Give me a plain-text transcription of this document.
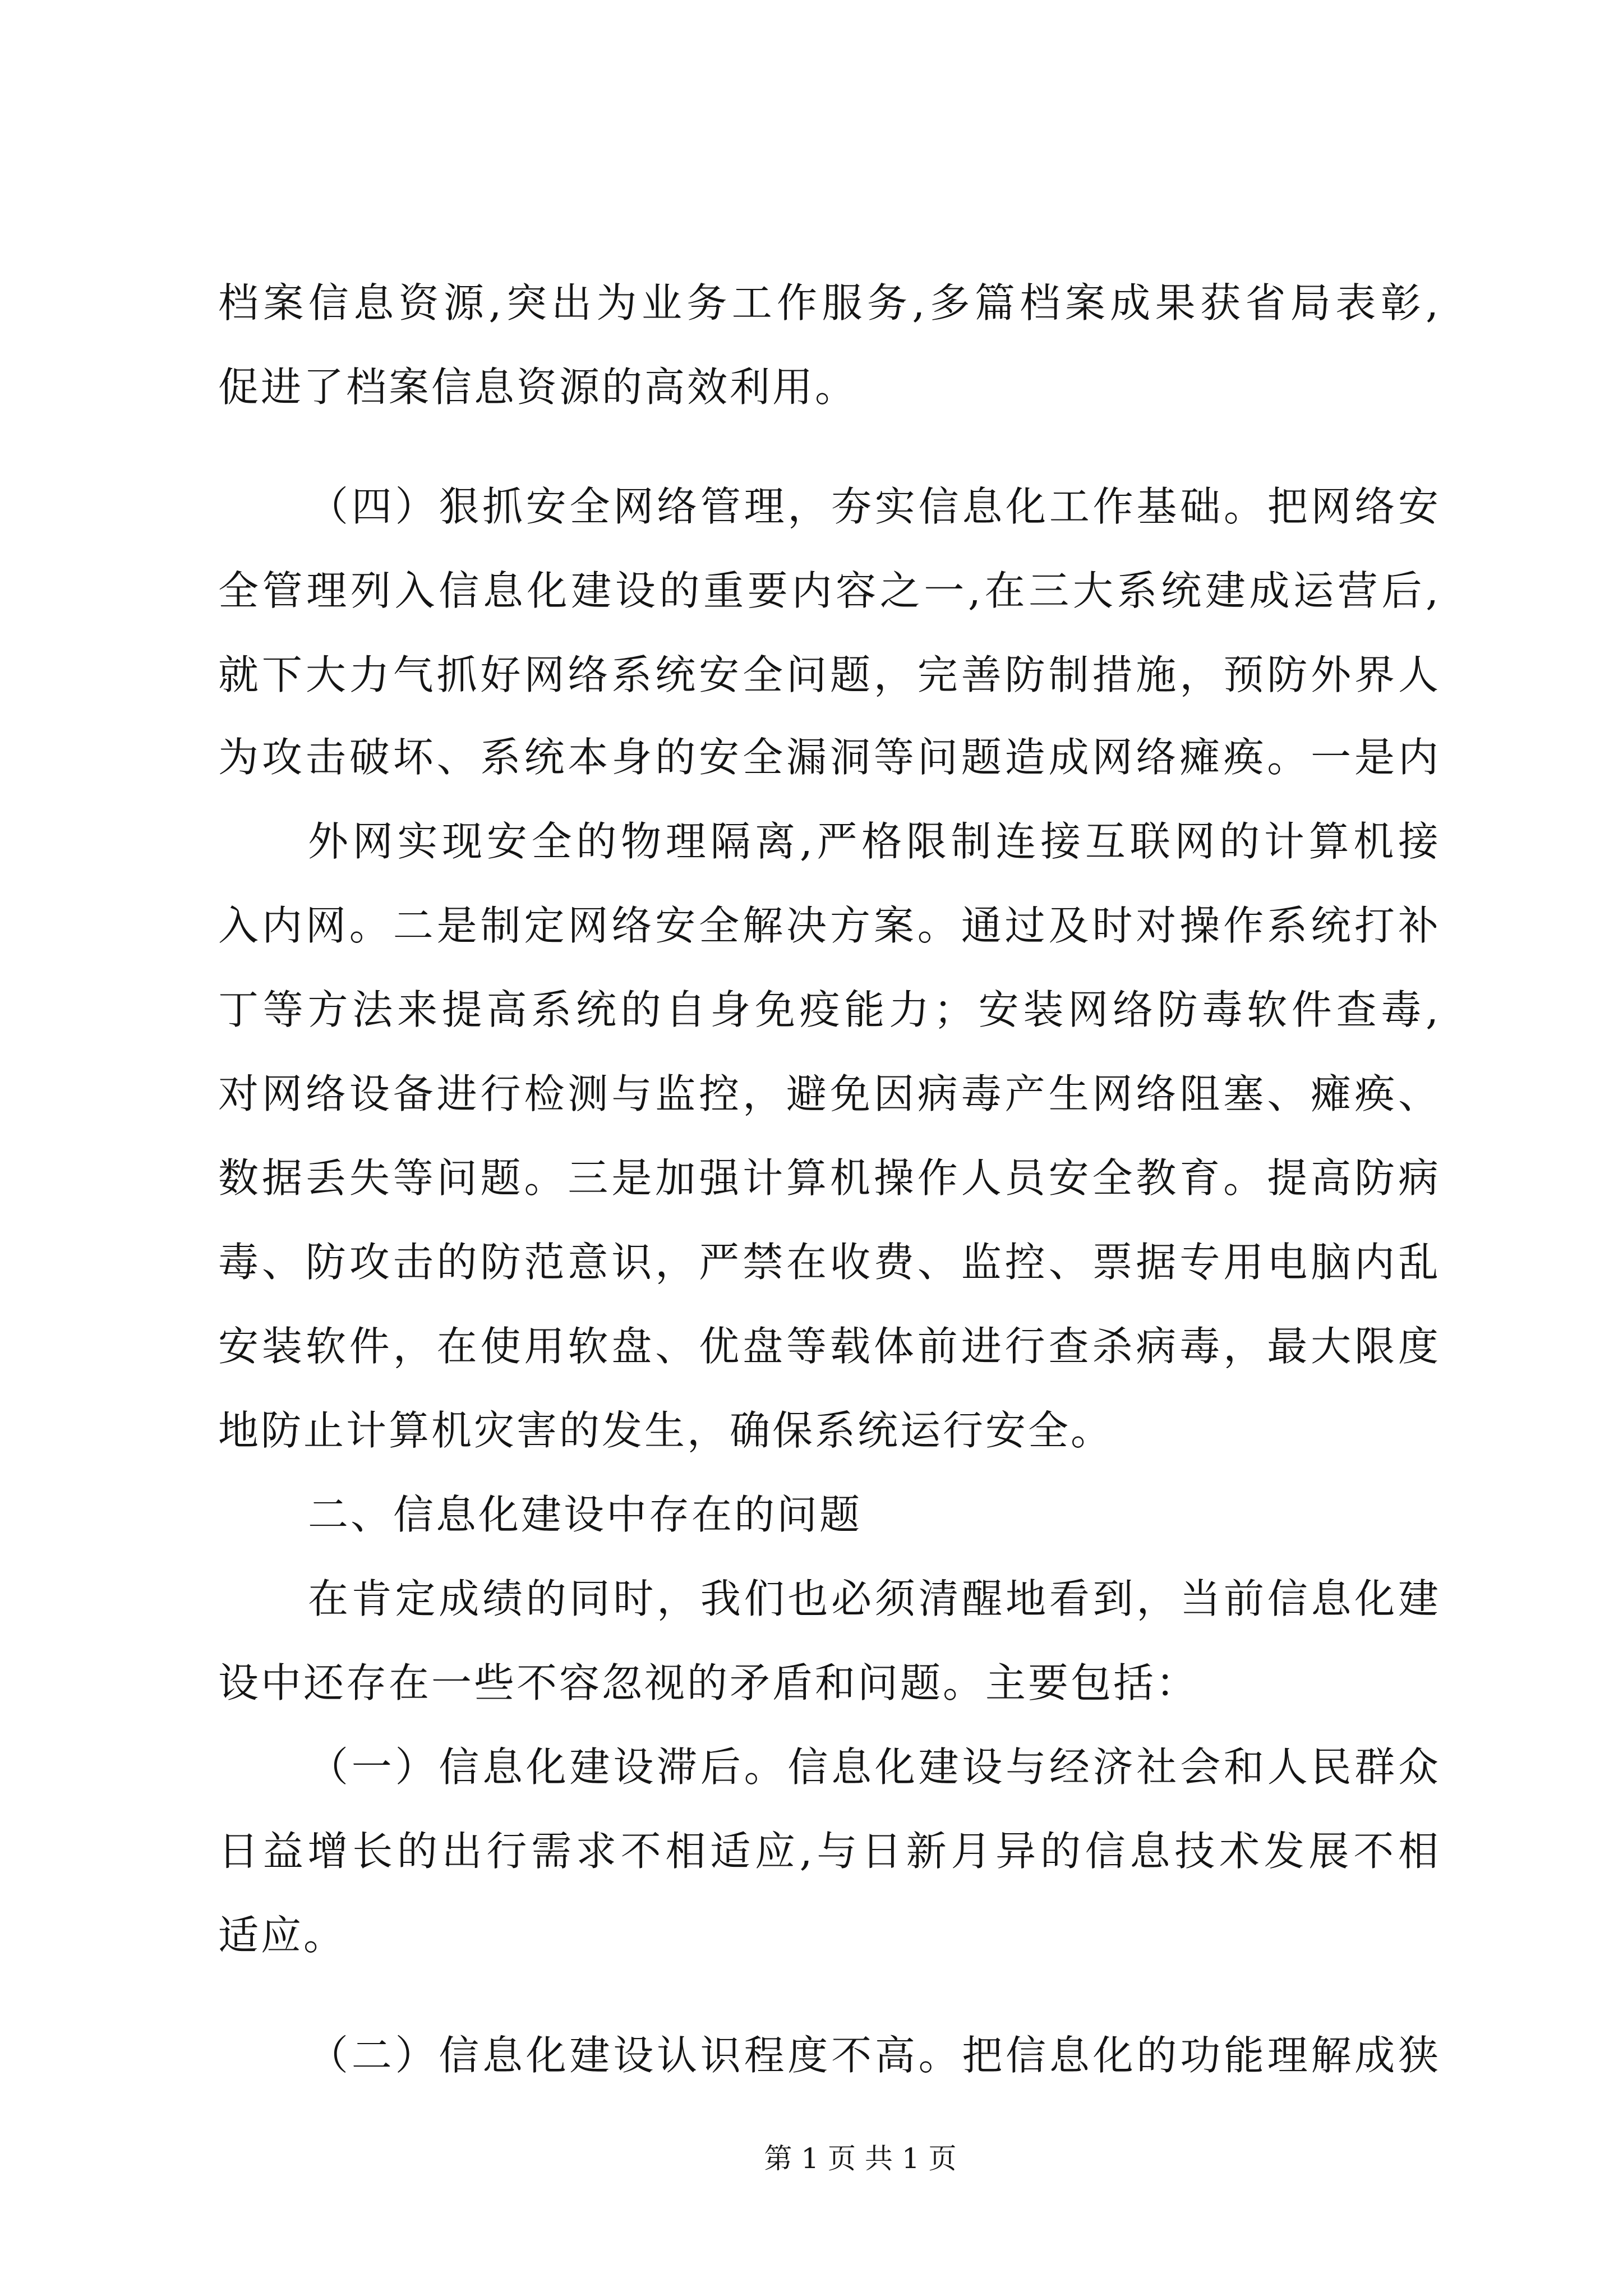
档案信息资源,突出为业务工作服务,多篇档案成果获省局表彰,
促进了档案信息资源的高效利用。
（四）狠抓安全网络管理，夯实信息化工作基础。把网络安
全管理列入信息化建设的重要内容之一,在三大系统建成运营后,
就下大力气抓好网络系统安全问题，完善防制措施，预防外界人
为攻击破坏、系统本身的安全漏洞等问题造成网络瘫痪。一是内
外网实现安全的物理隔离,严格限制连接互联网的计算机接
入内网。二是制定网络安全解决方案。通过及时对操作系统打补
丁等方法来提高系统的自身免疫能力；安装网络防毒软件查毒,
对网络设备进行检测与监控，避免因病毒产生网络阻塞、瘫痪、
数据丢失等问题。三是加强计算机操作人员安全教育。提高防病
毒、防攻击的防范意识，严禁在收费、监控、票据专用电脑内乱
安装软件，在使用软盘、优盘等载体前进行查杀病毒，最大限度
地防止计算机灾害的发生，确保系统运行安全。
二、信息化建设中存在的问题
在肯定成绩的同时，我们也必须清醒地看到，当前信息化建
设中还存在一些不容忽视的矛盾和问题。主要包括：
（一）信息化建设滞后。信息化建设与经济社会和人民群众
日益增长的出行需求不相适应,与日新月异的信息技术发展不相
适应。
（二）信息化建设认识程度不高。把信息化的功能理解成狭
第 1 页 共 1 页
